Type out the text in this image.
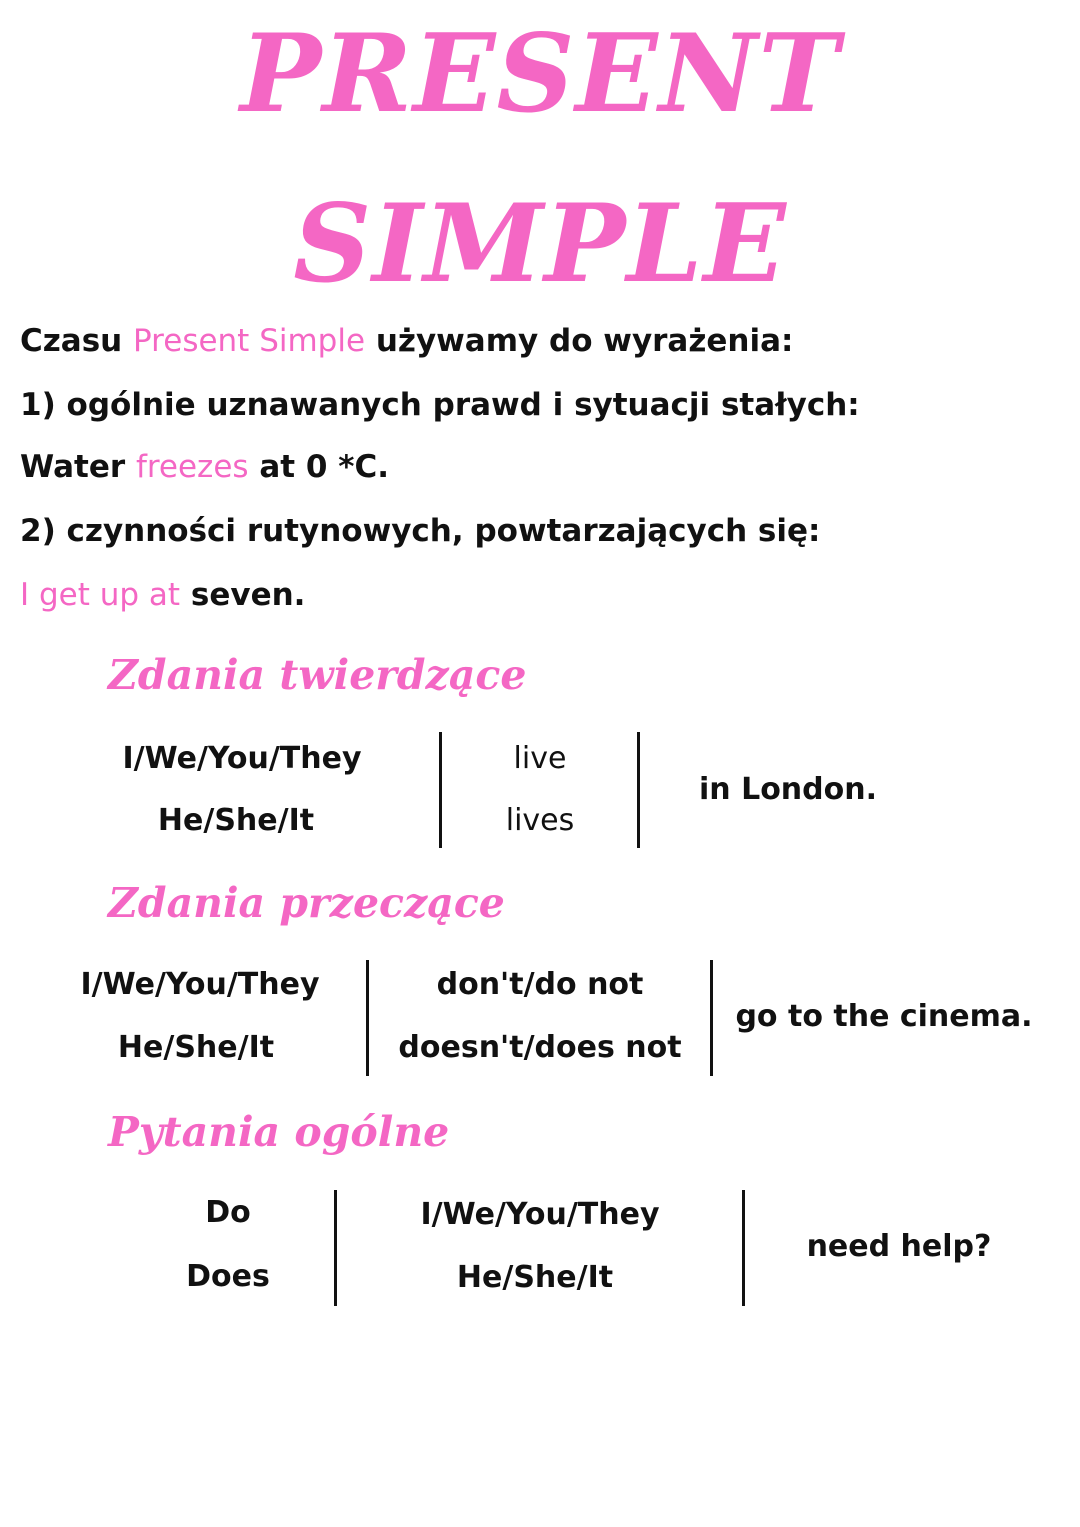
PRESENT
SIMPLE
Czasu Present Simple używamy do wyrażenia:
1) ogólnie uznawanych prawd i sytuacji stałych:
Water freezes at 0 *C.
2) czynności rutynowych, powtarzających się:
I get up at seven.
Zdania twierdzące
I/We/You/They
He/She/It
live
lives
in London.
Zdania przeczące
I/We/You/They
He/She/It
don't/do not
doesn't/does not
go to the cinema.
Pytania ogólne
Do
Does
I/We/You/They
He/She/It
need help?
